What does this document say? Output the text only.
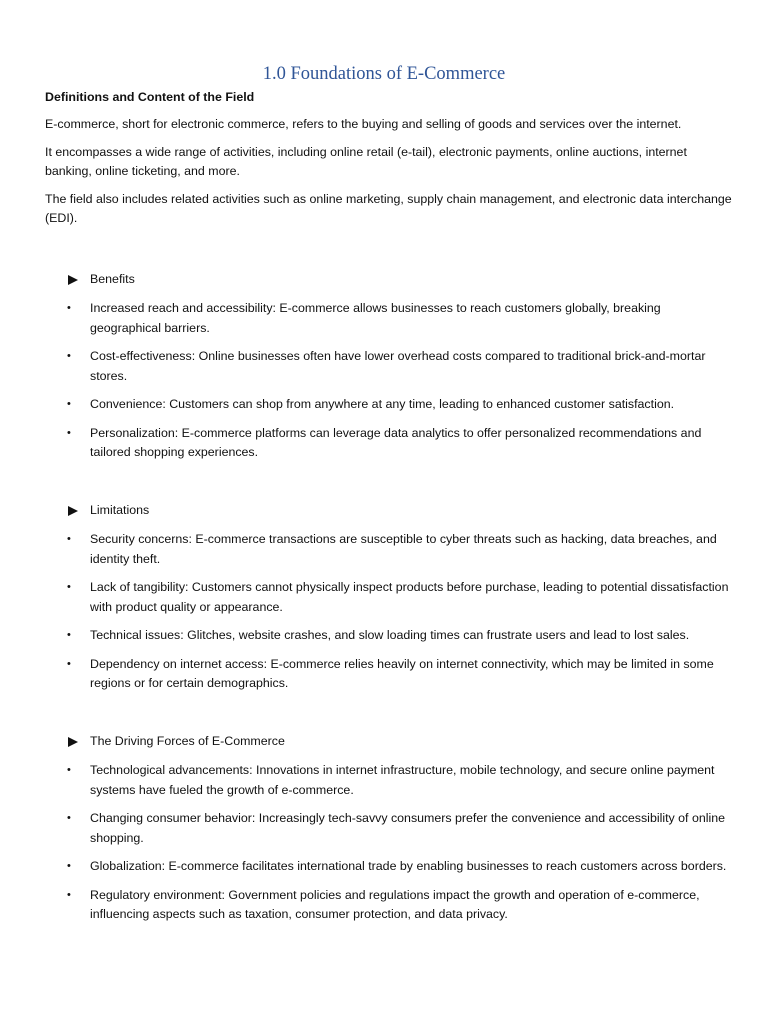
1.0 Foundations of E-Commerce
Definitions and Content of the Field

E-commerce, short for electronic commerce, refers to the buying and selling of goods and services over the internet.

It encompasses a wide range of activities, including online retail (e-tail), electronic payments, online auctions, internet banking, online ticketing, and more.

The field also includes related activities such as online marketing, supply chain management, and electronic data interchange (EDI).

Benefits
• Increased reach and accessibility: E-commerce allows businesses to reach customers globally, breaking geographical barriers.
• Cost-effectiveness: Online businesses often have lower overhead costs compared to traditional brick-and-mortar stores.
• Convenience: Customers can shop from anywhere at any time, leading to enhanced customer satisfaction.
• Personalization: E-commerce platforms can leverage data analytics to offer personalized recommendations and tailored shopping experiences.
Limitations
• Security concerns: E-commerce transactions are susceptible to cyber threats such as hacking, data breaches, and identity theft.
• Lack of tangibility: Customers cannot physically inspect products before purchase, leading to potential dissatisfaction with product quality or appearance.
• Technical issues: Glitches, website crashes, and slow loading times can frustrate users and lead to lost sales.
• Dependency on internet access: E-commerce relies heavily on internet connectivity, which may be limited in some regions or for certain demographics.
The Driving Forces of E-Commerce
• Technological advancements: Innovations in internet infrastructure, mobile technology, and secure online payment systems have fueled the growth of e-commerce.
• Changing consumer behavior: Increasingly tech-savvy consumers prefer the convenience and accessibility of online shopping.
• Globalization: E-commerce facilitates international trade by enabling businesses to reach customers across borders.
• Regulatory environment: Government policies and regulations impact the growth and operation of e-commerce, influencing aspects such as taxation, consumer protection, and data privacy.
